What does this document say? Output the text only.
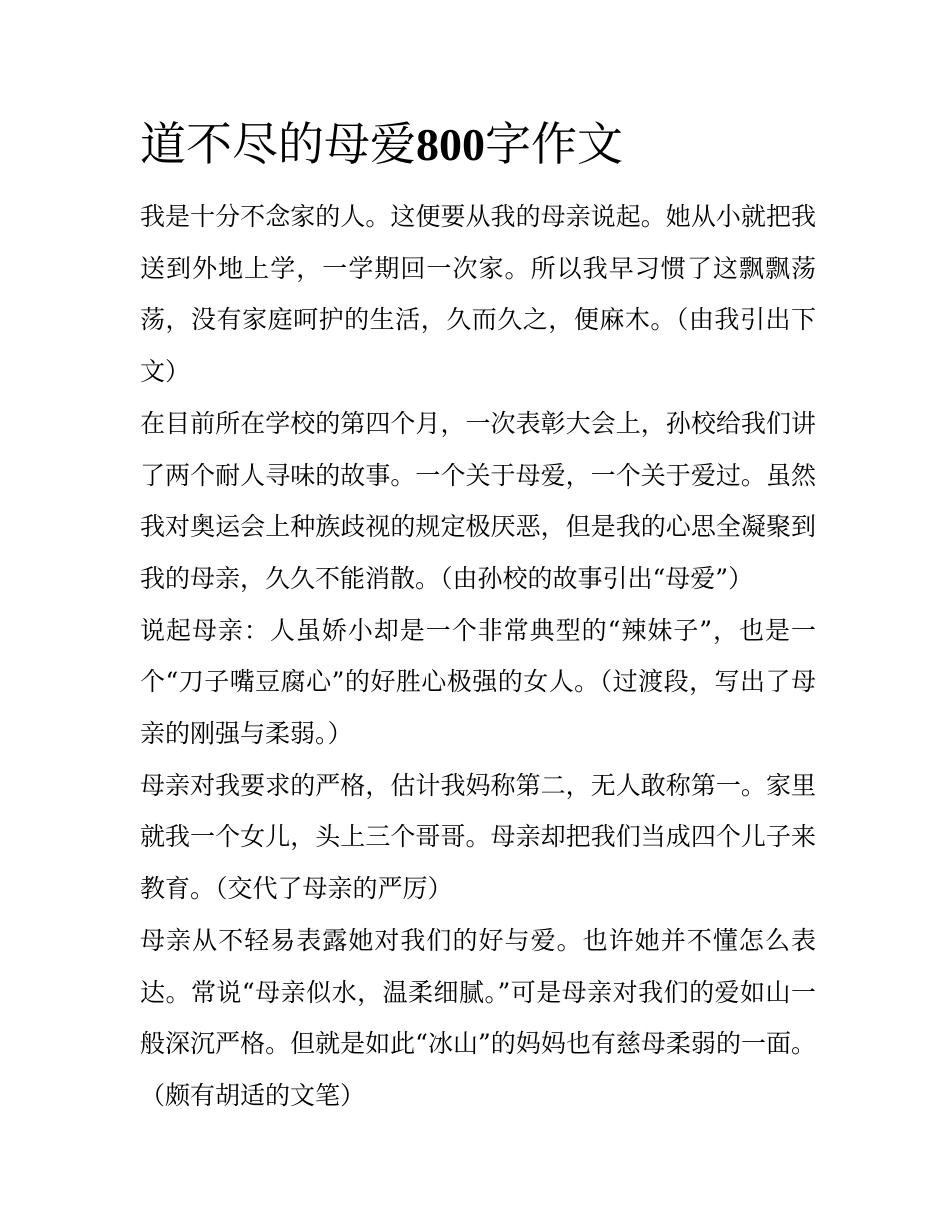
道不尽的母爱800字作文

我是十分不念家的人。这便要从我的母亲说起。她从小就把我送到外地上学，一学期回一次家。所以我早习惯了这飘飘荡荡，没有家庭呵护的生活，久而久之，便麻木。（由我引出下文）

在目前所在学校的第四个月，一次表彰大会上，孙校给我们讲了两个耐人寻味的故事。一个关于母爱，一个关于爱过。虽然我对奥运会上种族歧视的规定极厌恶，但是我的心思全凝聚到我的母亲，久久不能消散。（由孙校的故事引出“母爱”）

说起母亲：人虽娇小却是一个非常典型的“辣妹子”，也是一个“刀子嘴豆腐心”的好胜心极强的女人。（过渡段，写出了母亲的刚强与柔弱。）

母亲对我要求的严格，估计我妈称第二，无人敢称第一。家里就我一个女儿，头上三个哥哥。母亲却把我们当成四个儿子来教育。（交代了母亲的严厉）

母亲从不轻易表露她对我们的好与爱。也许她并不懂怎么表达。常说“母亲似水，温柔细腻。”可是母亲对我们的爱如山一般深沉严格。但就是如此“冰山”的妈妈也有慈母柔弱的一面。（颇有胡适的文笔）
